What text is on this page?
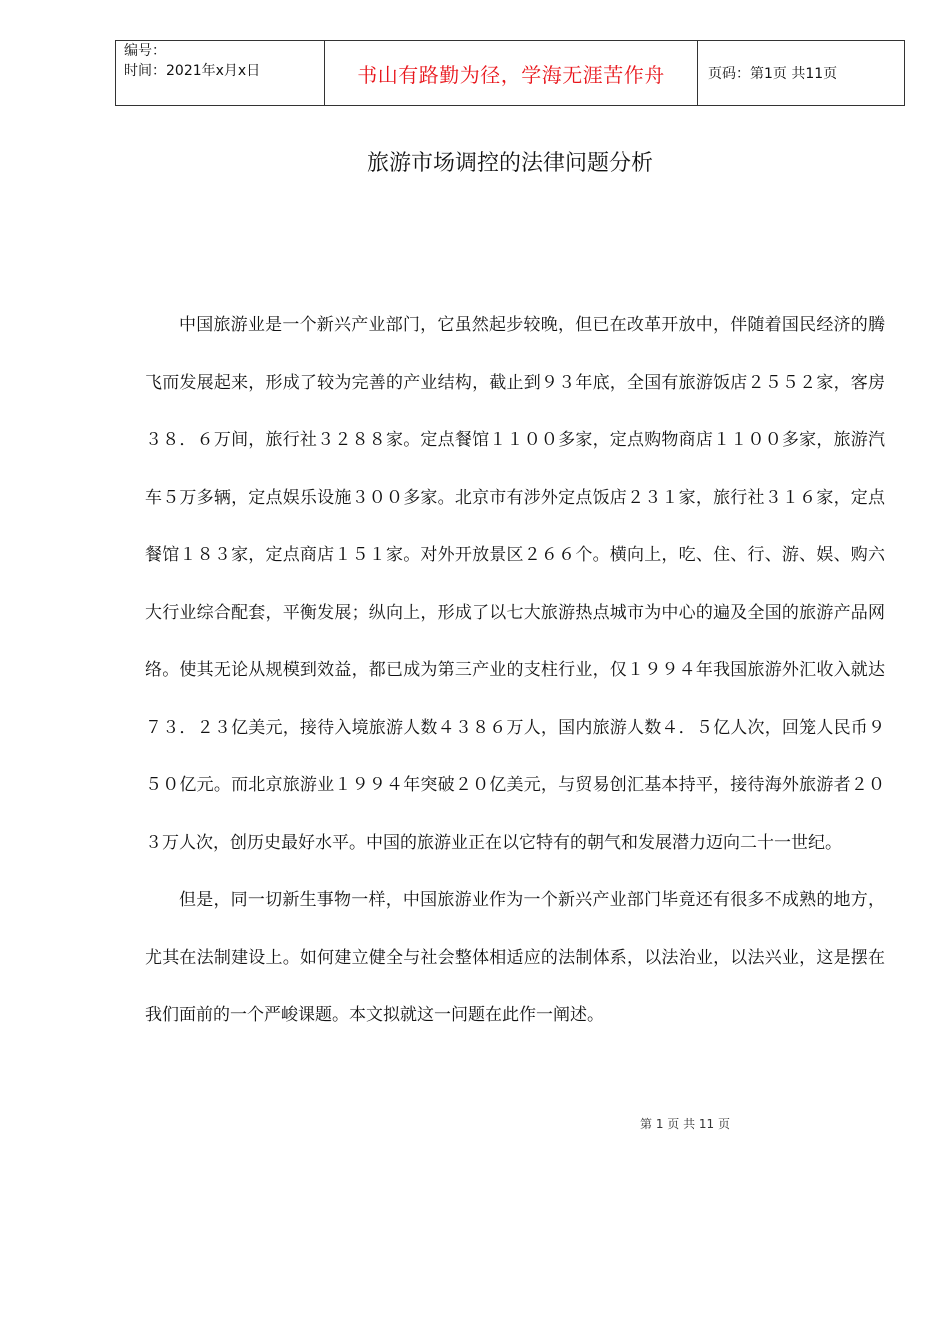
编号：
时间：2021年x月x日	书山有路勤为径，学海无涯苦作舟	页码：第1页 共11页
旅游市场调控的法律问题分析

中国旅游业是一个新兴产业部门，它虽然起步较晚，但已在改革开放中，伴随着国民经济的腾飞而发展起来，形成了较为完善的产业结构，截止到９３年底，全国有旅游饭店２５５２家，客房３８．６万间，旅行社３２８８家。定点餐馆１１００多家，定点购物商店１１００多家，旅游汽车５万多辆，定点娱乐设施３００多家。北京市有涉外定点饭店２３１家，旅行社３１６家，定点餐馆１８３家，定点商店１５１家。对外开放景区２６６个。横向上，吃、住、行、游、娱、购六大行业综合配套，平衡发展；纵向上，形成了以七大旅游热点城市为中心的遍及全国的旅游产品网络。使其无论从规模到效益，都已成为第三产业的支柱行业，仅１９９４年我国旅游外汇收入就达７３．２３亿美元，接待入境旅游人数４３８６万人，国内旅游人数４．５亿人次，回笼人民币９５０亿元。而北京旅游业１９９４年突破２０亿美元，与贸易创汇基本持平，接待海外旅游者２０３万人次，创历史最好水平。中国的旅游业正在以它特有的朝气和发展潜力迈向二十一世纪。

但是，同一切新生事物一样，中国旅游业作为一个新兴产业部门毕竟还有很多不成熟的地方，尤其在法制建设上。如何建立健全与社会整体相适应的法制体系，以法治业，以法兴业，这是摆在我们面前的一个严峻课题。本文拟就这一问题在此作一阐述。

第 1 页 共 11 页
